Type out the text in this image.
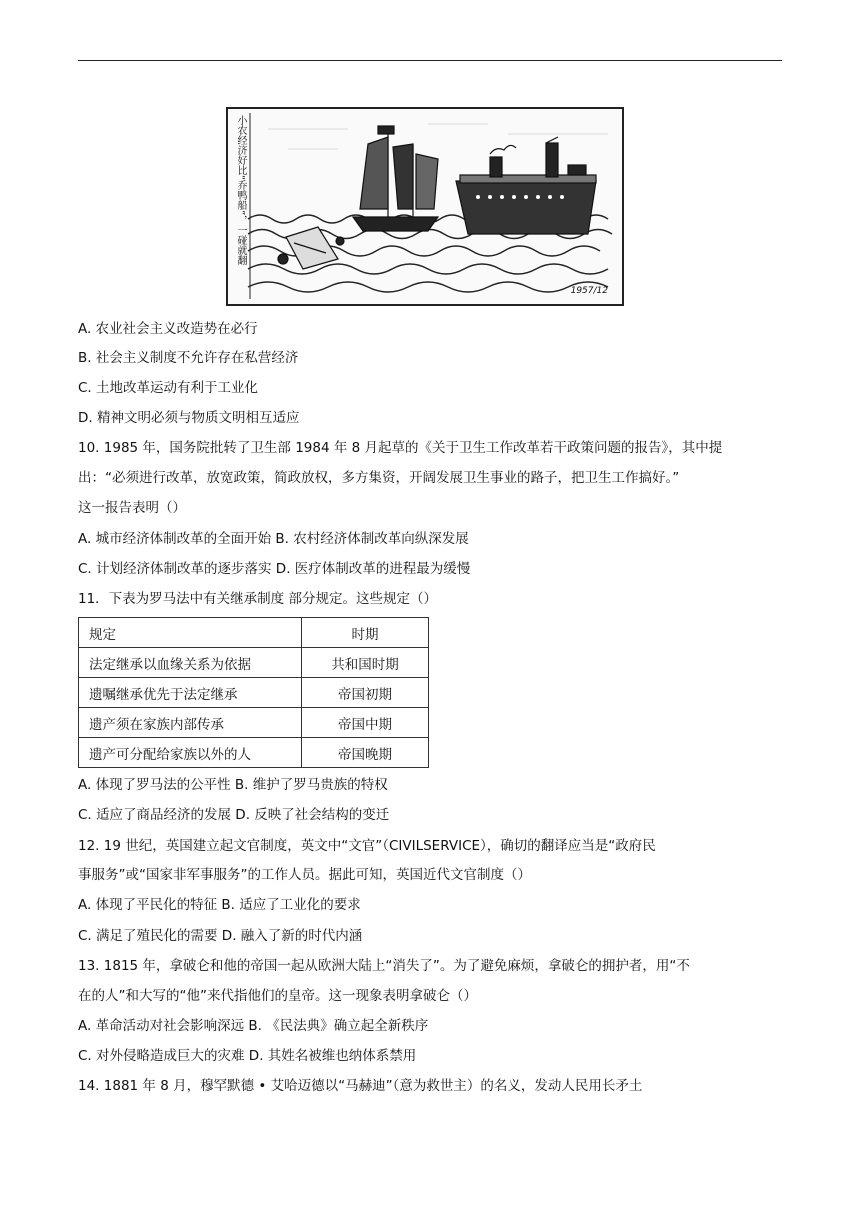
小农经济好比“乔鸭船”，一碰就翻
1957/12
A. 农业社会主义改造势在必行
B. 社会主义制度不允许存在私营经济
C. 土地改革运动有利于工业化
D. 精神文明必须与物质文明相互适应
10. 1985 年，国务院批转了卫生部 1984 年 8 月起草的《关于卫生工作改革若干政策问题的报告》，其中提
出：“必须进行改革，放宽政策，简政放权，多方集资，开阔发展卫生事业的路子，把卫生工作搞好。”
这一报告表明（）
A. 城市经济体制改革的全面开始 B. 农村经济体制改革向纵深发展
C. 计划经济体制改革的逐步落实 D. 医疗体制改革的进程最为缓慢
11．下表为罗马法中有关继承制度 部分规定。这些规定（）
规定	时期
法定继承以血缘关系为依据	共和国时期
遗嘱继承优先于法定继承	帝国初期
遗产须在家族内部传承	帝国中期
遗产可分配给家族以外的人	帝国晚期
A. 体现了罗马法的公平性 B. 维护了罗马贵族的特权
C. 适应了商品经济的发展 D. 反映了社会结构的变迁
12. 19 世纪，英国建立起文官制度，英文中“文官”（CIVILSERVICE），确切的翻译应当是“政府民
事服务”或“国家非军事服务”的工作人员。据此可知，英国近代文官制度（）
A. 体现了平民化的特征 B. 适应了工业化的要求
C. 满足了殖民化的需要 D. 融入了新的时代内涵
13. 1815 年，拿破仑和他的帝国一起从欧洲大陆上“消失了”。为了避免麻烦，拿破仑的拥护者，用“不
在的人”和大写的“他”来代指他们的皇帝。这一现象表明拿破仑（）
A. 革命活动对社会影响深远 B. 《民法典》确立起全新秩序
C. 对外侵略造成巨大的灾难 D. 其姓名被维也纳体系禁用
14. 1881 年 8 月，穆罕默德 • 艾哈迈德以“马赫迪”（意为救世主）的名义，发动人民用长矛土
